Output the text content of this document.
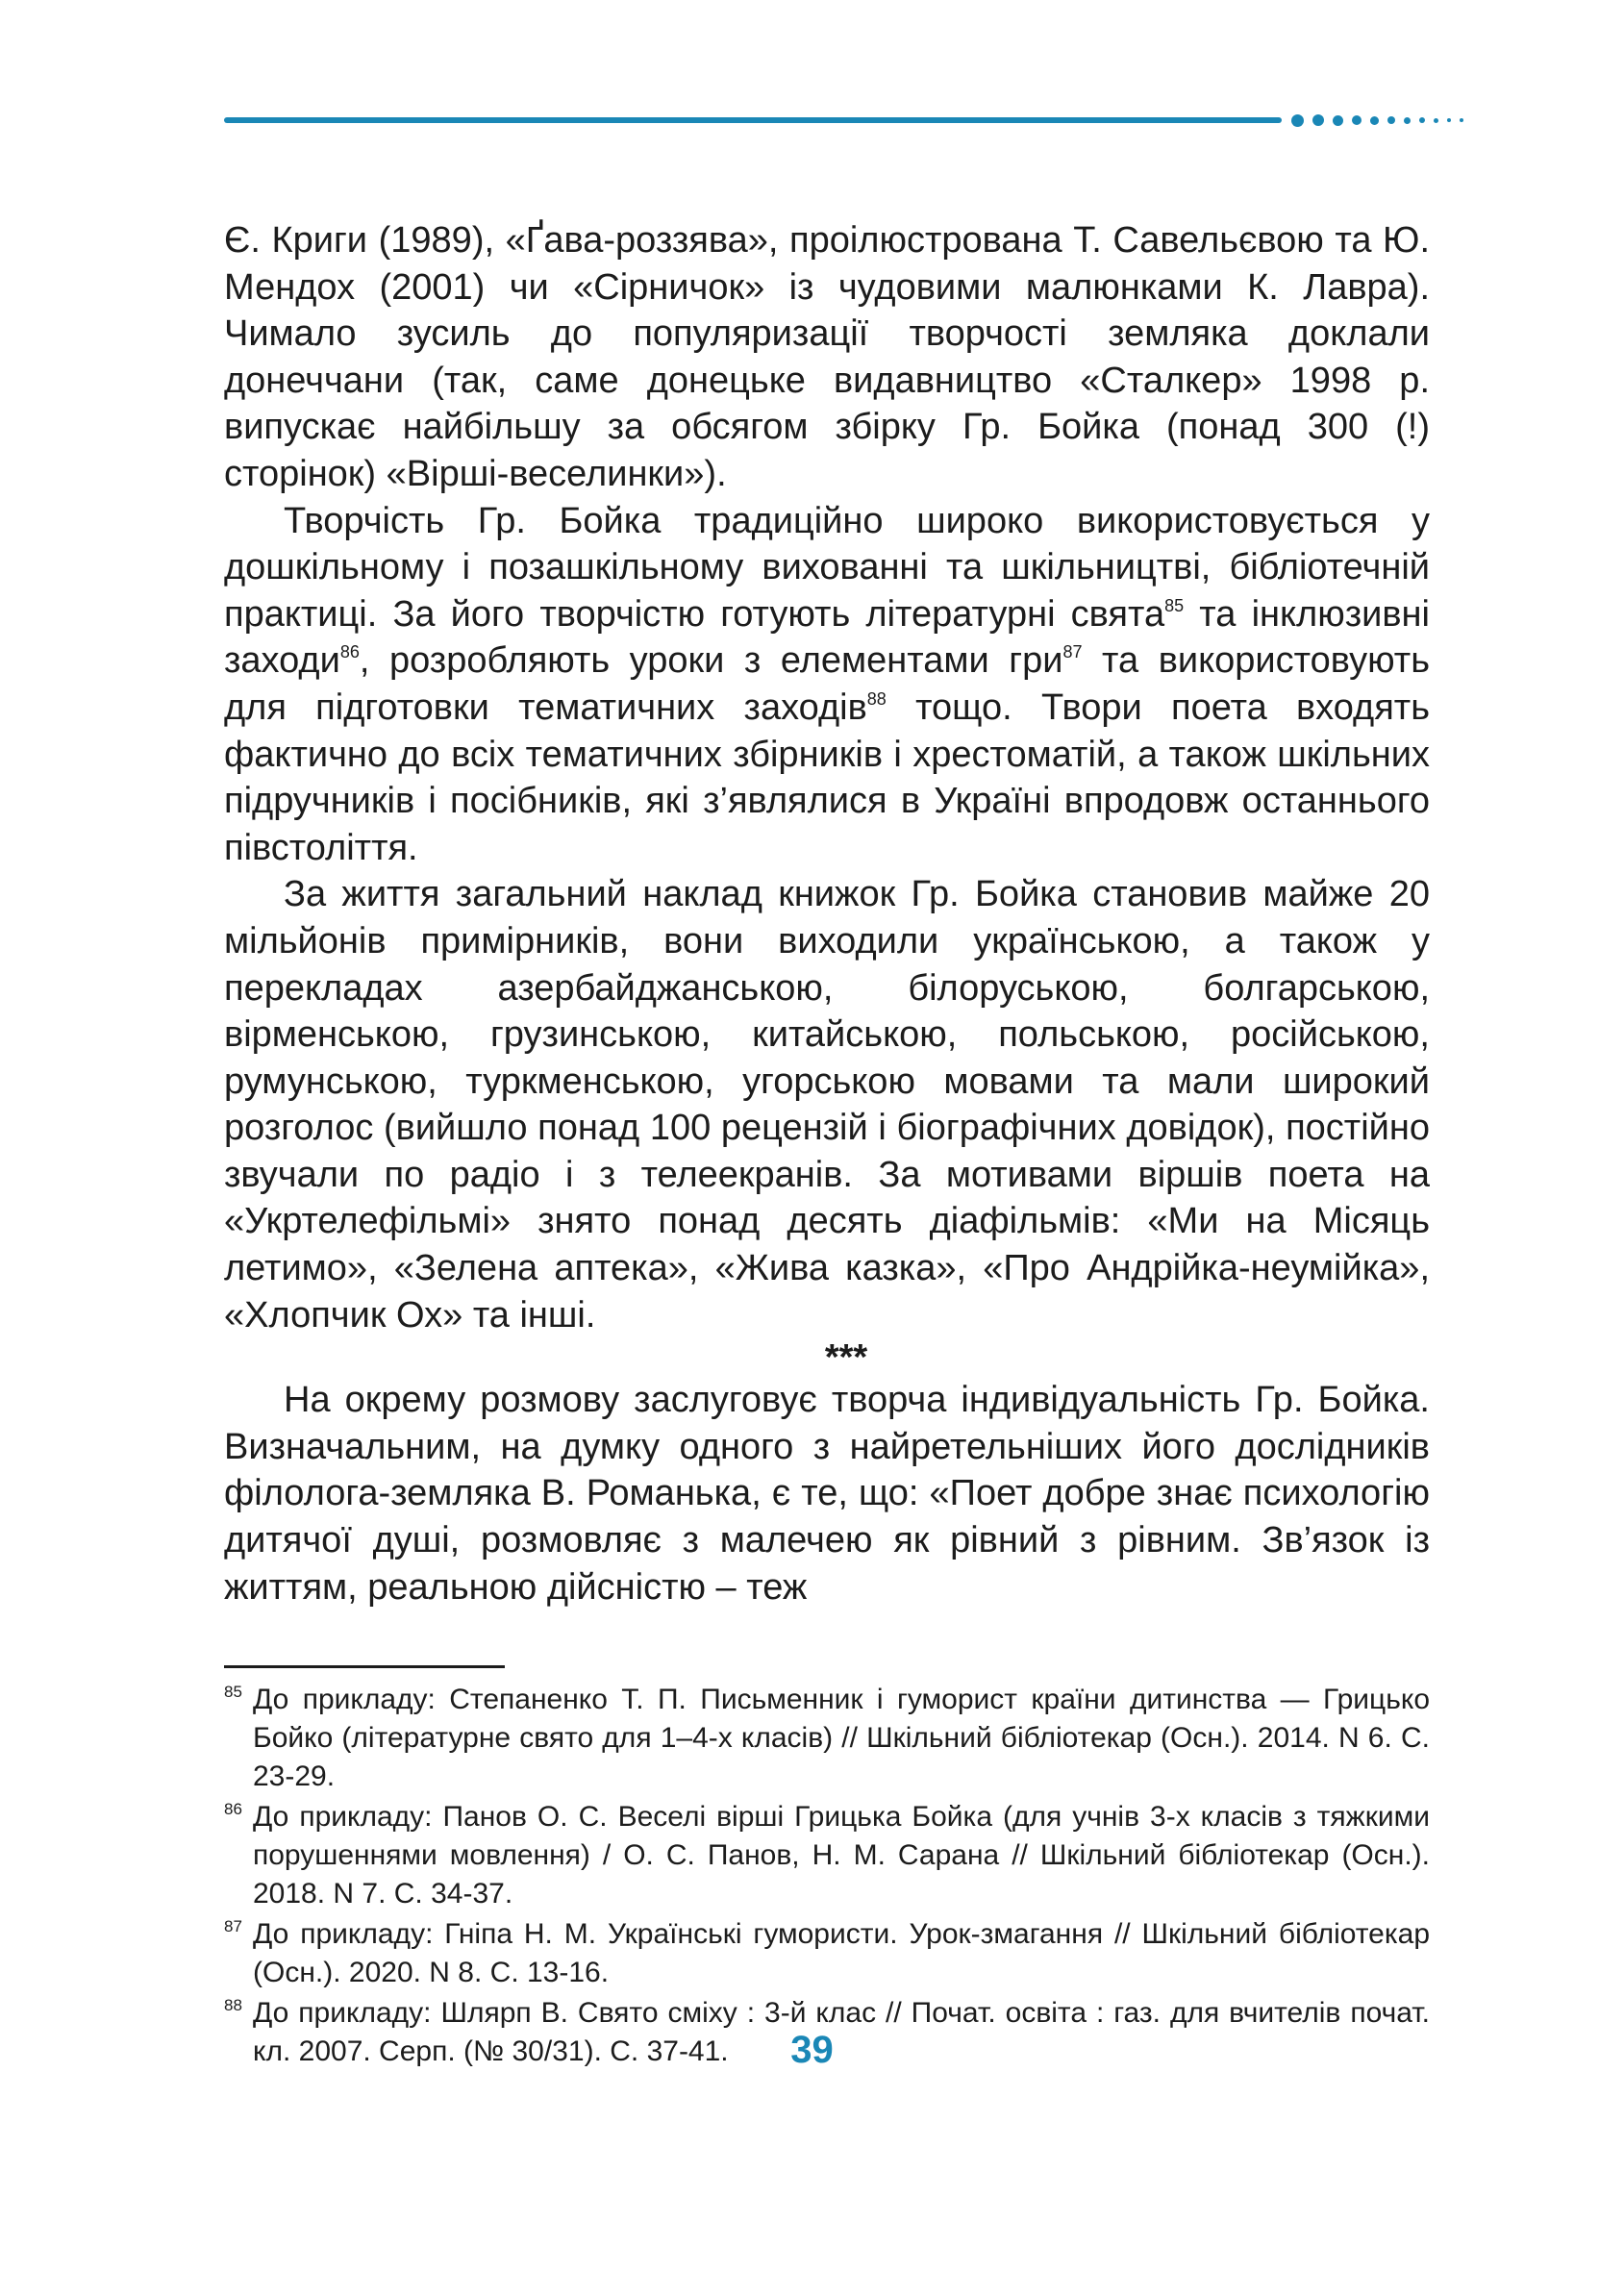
Є. Криги (1989), «Ґава-роззява», проілюстрована Т. Савельєвою та Ю. Мендох (2001) чи «Сірничок» із чудовими малюнками К. Лавра). Чимало зусиль до популяризації творчості земляка доклали донеччани (так, саме донецьке видавництво «Сталкер» 1998 р. випускає найбільшу за обсягом збірку Гр. Бойка (понад 300 (!) сторінок) «Вірші-веселинки»).

Творчість Гр. Бойка традиційно широко використовується у дошкільному і позашкільному вихованні та шкільництві, бібліотечній практиці. За його творчістю готують літературні свята$^{85}$ та інклюзивні заходи$^{86}$, розробляють уроки з елементами гри$^{87}$ та використовують для підготовки тематичних заходів$^{88}$ тощо. Твори поета входять фактично до всіх тематичних збірників і хрестоматій, а також шкільних підручників і посібників, які з’являлися в Україні впродовж останнього півстоліття.

За життя загальний наклад книжок Гр. Бойка становив майже 20 мільйонів примірників, вони виходили українською, а також у перекладах азербайджанською, білоруською, болгарською, вірменською, грузинською, китайською, польською, російською, румунською, туркменською, угорською мовами та мали широкий розголос (вийшло понад 100 рецензій і біографічних довідок), постійно звучали по радіо і з телеекранів. За мотивами віршів поета на «Укртелефільмі» знято понад десять діафільмів: «Ми на Місяць летимо», «Зелена аптека», «Жива казка», «Про Андрійка-неумійка», «Хлопчик Ох» та інші.

***

На окрему розмову заслуговує творча індивідуальність Гр. Бойка. Визначальним, на думку одного з найретельніших його дослідників філолога-земляка В. Романька, є те, що: «Поет добре знає психологію дитячої душі, розмовляє з малечею як рівний з рівним. Зв’язок із життям, реальною дійсністю – теж

85 До прикладу: Степаненко Т. П. Письменник і гуморист країни дитинства — Грицько Бойко (літературне свято для 1–4-х класів) // Шкільний бібліотекар (Осн.). 2014. N 6. С. 23-29.
86 До прикладу: Панов О. С. Веселі вірші Грицька Бойка (для учнів 3-х класів з тяжкими порушеннями мовлення) / О. С. Панов, Н. М. Сарана // Шкільний бібліотекар (Осн.). 2018. N 7. С. 34-37.
87 До прикладу: Гніпа Н. М. Українські гумористи. Урок-змагання // Шкільний бібліотекар (Осн.). 2020. N 8. С. 13-16.
88 До прикладу: Шлярп В. Свято сміху : 3-й клас // Почат. освіта : газ. для вчителів почат. кл. 2007. Серп. (№ 30/31). С. 37-41.	39
